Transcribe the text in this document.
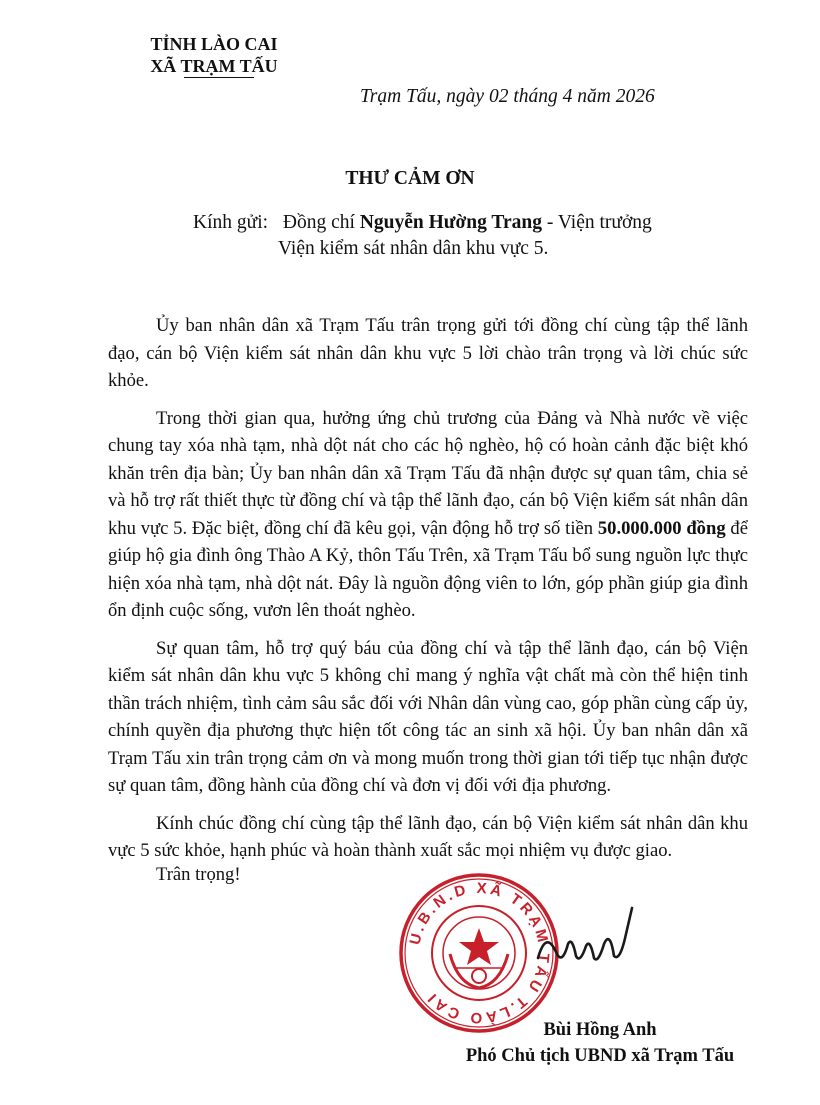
TỈNH LÀO CAI
XÃ TRẠM TẤU
Trạm Tấu, ngày 02 tháng 4 năm 2026
THƯ CẢM ƠN
Kính gửi: Đồng chí Nguyễn Hường Trang - Viện trưởng
Viện kiểm sát nhân dân khu vực 5.

Ủy ban nhân dân xã Trạm Tấu trân trọng gửi tới đồng chí cùng tập thể lãnh đạo, cán bộ Viện kiểm sát nhân dân khu vực 5 lời chào trân trọng và lời chúc sức khỏe.

Trong thời gian qua, hưởng ứng chủ trương của Đảng và Nhà nước về việc chung tay xóa nhà tạm, nhà dột nát cho các hộ nghèo, hộ có hoàn cảnh đặc biệt khó khăn trên địa bàn; Ủy ban nhân dân xã Trạm Tấu đã nhận được sự quan tâm, chia sẻ và hỗ trợ rất thiết thực từ đồng chí và tập thể lãnh đạo, cán bộ Viện kiểm sát nhân dân khu vực 5. Đặc biệt, đồng chí đã kêu gọi, vận động hỗ trợ số tiền 50.000.000 đồng để giúp hộ gia đình ông Thào A Kỷ, thôn Tấu Trên, xã Trạm Tấu bổ sung nguồn lực thực hiện xóa nhà tạm, nhà dột nát. Đây là nguồn động viên to lớn, góp phần giúp gia đình ổn định cuộc sống, vươn lên thoát nghèo.

Sự quan tâm, hỗ trợ quý báu của đồng chí và tập thể lãnh đạo, cán bộ Viện kiểm sát nhân dân khu vực 5 không chỉ mang ý nghĩa vật chất mà còn thể hiện tinh thần trách nhiệm, tình cảm sâu sắc đối với Nhân dân vùng cao, góp phần cùng cấp ủy, chính quyền địa phương thực hiện tốt công tác an sinh xã hội. Ủy ban nhân dân xã Trạm Tấu xin trân trọng cảm ơn và mong muốn trong thời gian tới tiếp tục nhận được sự quan tâm, đồng hành của đồng chí và đơn vị đối với địa phương.

Kính chúc đồng chí cùng tập thể lãnh đạo, cán bộ Viện kiểm sát nhân dân khu vực 5 sức khỏe, hạnh phúc và hoàn thành xuất sắc mọi nhiệm vụ được giao.

Trân trọng!
U.B.N.D XÃ TRẠM TẤU T.LÀO CAI
Bùi Hồng Anh
Phó Chủ tịch UBND xã Trạm Tấu
